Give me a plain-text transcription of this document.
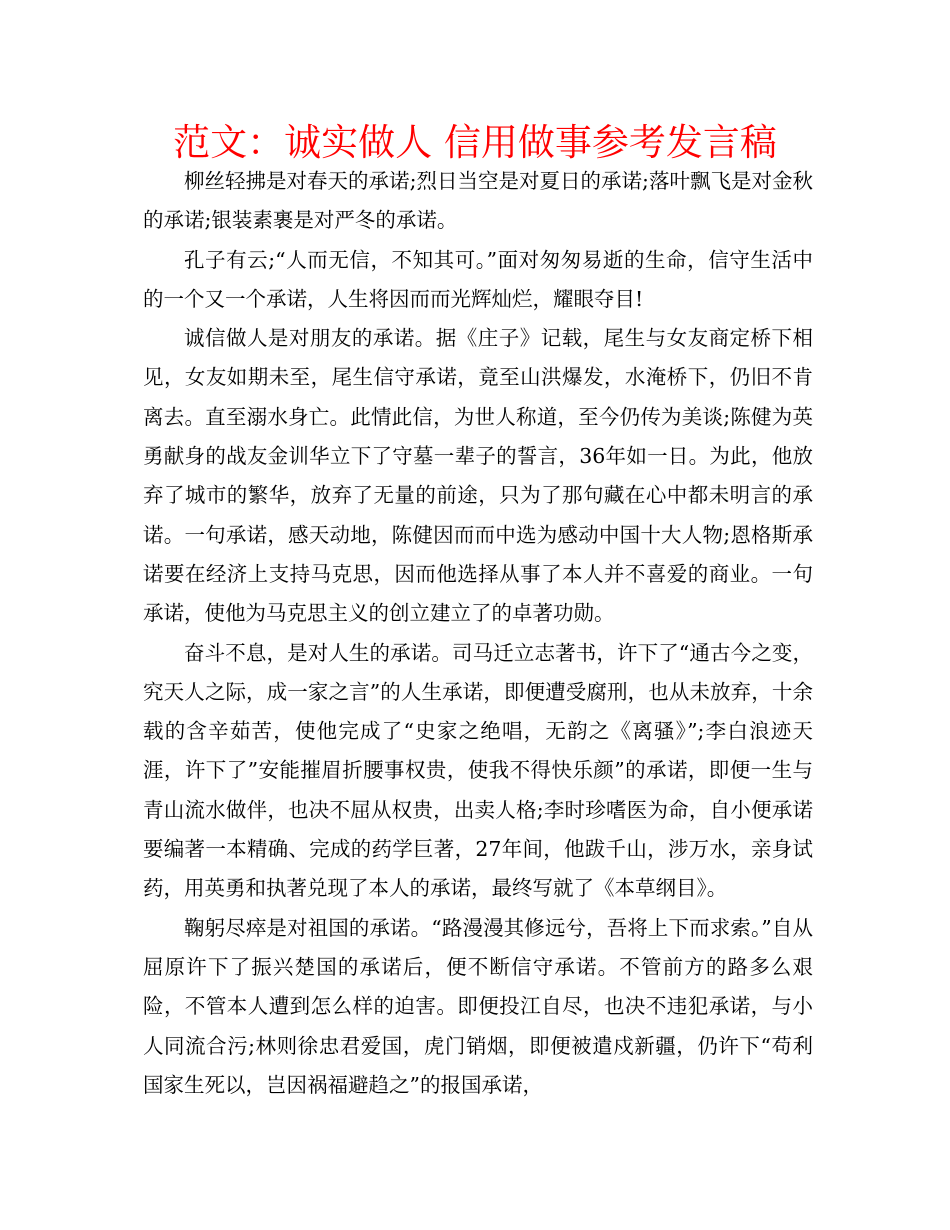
范文：诚实做人 信用做事参考发言稿

柳丝轻拂是对春天的承诺;烈日当空是对夏日的承诺;落叶飘飞是对金秋的承诺;银装素裹是对严冬的承诺。

孔子有云;“人而无信，不知其可。”面对匆匆易逝的生命，信守生活中的一个又一个承诺，人生将因而而光辉灿烂，耀眼夺目!

诚信做人是对朋友的承诺。据《庄子》记载，尾生与女友商定桥下相见，女友如期未至，尾生信守承诺，竟至山洪爆发，水淹桥下，仍旧不肯离去。直至溺水身亡。此情此信，为世人称道，至今仍传为美谈;陈健为英勇献身的战友金训华立下了守墓一辈子的誓言，36年如一日。为此，他放弃了城市的繁华，放弃了无量的前途，只为了那句藏在心中都未明言的承诺。一句承诺，感天动地，陈健因而而中选为感动中国十大人物;恩格斯承诺要在经济上支持马克思，因而他选择从事了本人并不喜爱的商业。一句承诺，使他为马克思主义的创立建立了的卓著功勋。

奋斗不息，是对人生的承诺。司马迁立志著书，许下了“通古今之变，究天人之际，成一家之言”的人生承诺，即便遭受腐刑，也从未放弃，十余载的含辛茹苦，使他完成了“史家之绝唱，无韵之《离骚》”;李白浪迹天涯，许下了”安能摧眉折腰事权贵，使我不得快乐颜”的承诺，即便一生与青山流水做伴，也决不屈从权贵，出卖人格;李时珍嗜医为命，自小便承诺要编著一本精确、完成的药学巨著，27年间，他跋千山，涉万水，亲身试药，用英勇和执著兑现了本人的承诺，最终写就了《本草纲目》。

鞠躬尽瘁是对祖国的承诺。“路漫漫其修远兮，吾将上下而求索。”自从屈原许下了振兴楚国的承诺后，便不断信守承诺。不管前方的路多么艰险，不管本人遭到怎么样的迫害。即便投江自尽，也决不违犯承诺，与小人同流合污;林则徐忠君爱国，虎门销烟，即便被遣戍新疆，仍许下“苟利国家生死以，岂因祸福避趋之”的报国承诺，
